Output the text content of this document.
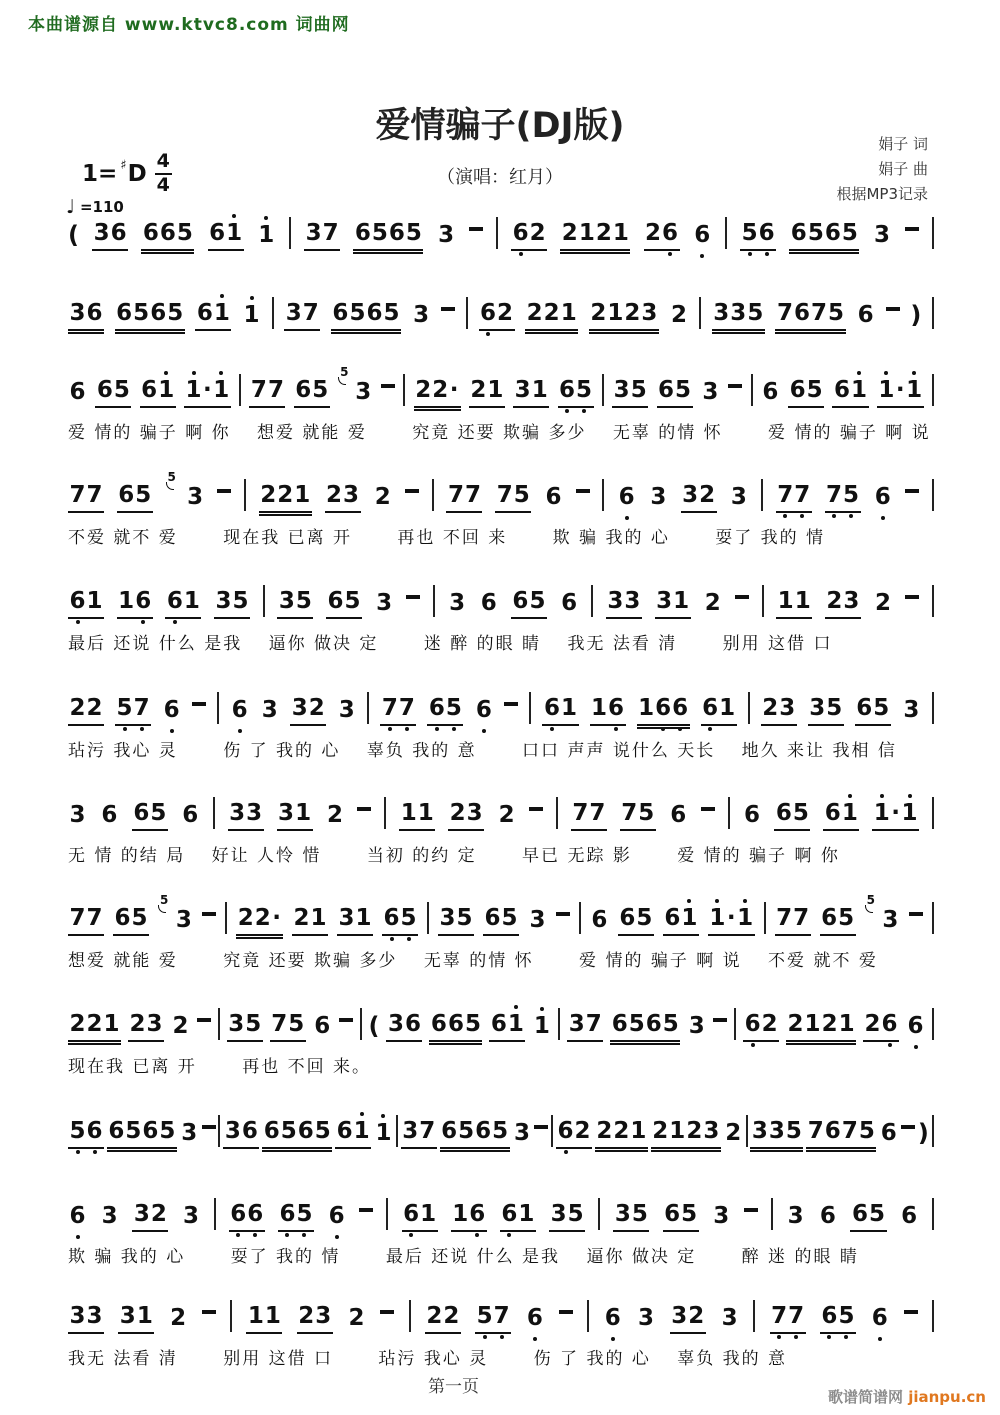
本曲谱源自 www.ktvc8.com 词曲网
爱情骗子(DJ版)
（演唱：红月）
娟子 词
娟子 曲
根据MP3记录
1= ♯ D $\frac{4}{4}$
♩ =110
( 3 6 6 6 5 6 1 1 3 7 6 5 6 5 3	6 2 2 1 2 1 2 6 6 5 6 6 5 6 5 3
3 6 6 5 6 5 6 1 1 3 7 6 5 6 5 3 6 2 2 2 1 2 1 2 3 2 3 3 5 7 6 7 5 6 )
6 6 5 6 1 1 · 1 7 7 6 5
5
3 2 2 · 2 1 3 1 6 5 3 5 6 5 3 6 6 5 6 1 1 · 1
爱 情的 骗子 啊 你　 想爱 就能 爱　　 究竟 还要 欺骗 多少　 无辜 的情 怀　　 爱 情的 骗子 啊 说
7 7 6 5
5
3 2 2 1 2 3 2 7 7 7 5 6 6 3 3 2 3 7 7 7 5 6
不爱 就不 爱　　 现在我 已离 开　　 再也 不回 来　　 欺 骗 我的 心　　 耍了 我的 情
6 1 1 6 6 1 3 5 3 5 6 5 3 3 6 6 5 6 3 3 3 1 2 1 1 2 3 2
最后 还说 什么 是我　 逼你 做决 定　　 迷 醉 的眼 睛　 我无 法看 清　　 别用 这借 口
2 2 5 7 6 6 3 3 2 3 7 7 6 5 6 6 1 1 6 1 6 6 6 1 2 3 3 5 6 5 3
玷污 我心 灵　　 伤 了 我的 心　 辜负 我的 意　　 口口 声声 说什么 天长　 地久 来让 我相 信
3 6 6 5 6 3 3 3 1 2	1 1 2 3 2	7 7 7 5 6	6 6 5 6 1 1 · 1
无 情 的结 局　 好让 人怜 惜　　 当初 的约 定　　 早已 无踪 影　　 爱 情的 骗子 啊 你
7 7 6 5
5
3 2 2 · 2 1 3 1 6 5 3 5 6 5 3 6 6 5 6 1 1 · 1 7 7 6 5
5
3
想爱 就能 爱　　 究竟 还要 欺骗 多少　 无辜 的情 怀　　 爱 情的 骗子 啊 说　 不爱 就不 爱
2 2 1 2 3 2 3 5 7 5 6 ( 3 6 6 6 5 6 1 1 3 7 6 5 6 5 3 6 2 2 1 2 1 2 6 6
现在我 已离 开　　 再也 不回 来。
5 6 6 5 6 5 3 3 6 6 5 6 5 6 1 1 3 7 6 5 6 5 3 6 2 2 2 1 2 1 2 3 2 3 3 5 7 6 7 5 6 )
6 3 3 2 3 6 6 6 5 6	6 1 1 6 6 1 3 5 3 5 6 5 3	3 6 6 5 6
欺 骗 我的 心　　 耍了 我的 情　　 最后 还说 什么 是我　 逼你 做决 定　　 醉 迷 的眼 睛
3 3 3 1 2	1 1 2 3 2	2 2 5 7 6	6 3 3 2 3 7 7 6 5 6
我无 法看 清　　 别用 这借 口　　 玷污 我心 灵　　 伤 了 我的 心　 辜负 我的 意
第一页	歌谱简谱网 jianpu.cn
